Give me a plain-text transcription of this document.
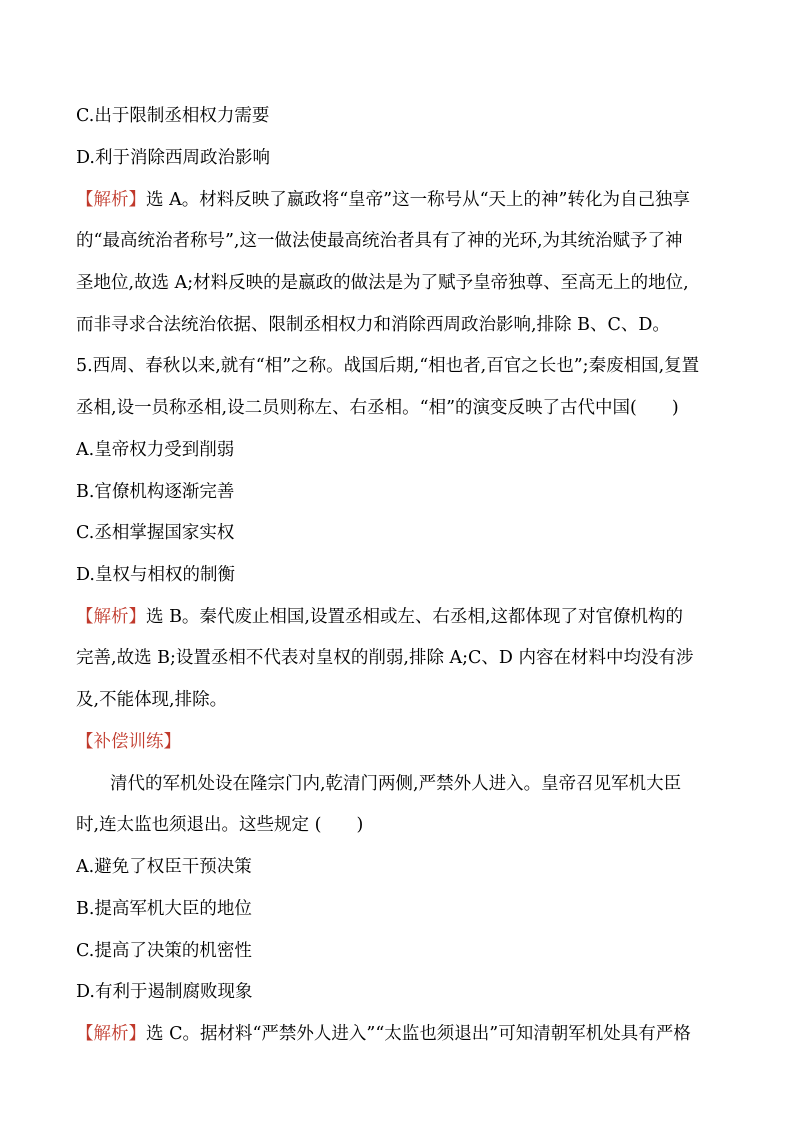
C.出于限制丞相权力需要
D.利于消除西周政治影响
【解析】选 A。材料反映了嬴政将“皇帝”这一称号从“天上的神”转化为自己独享
的“最高统治者称号”,这一做法使最高统治者具有了神的光环,为其统治赋予了神
圣地位,故选 A;材料反映的是嬴政的做法是为了赋予皇帝独尊、至高无上的地位,
而非寻求合法统治依据、限制丞相权力和消除西周政治影响,排除 B、C、D。
5.西周、春秋以来,就有“相”之称。战国后期,“相也者,百官之长也”;秦废相国,复置
丞相,设一员称丞相,设二员则称左、右丞相。“相”的演变反映了古代中国(　　)
A.皇帝权力受到削弱
B.官僚机构逐渐完善
C.丞相掌握国家实权
D.皇权与相权的制衡
【解析】选 B。秦代废止相国,设置丞相或左、右丞相,这都体现了对官僚机构的
完善,故选 B;设置丞相不代表对皇权的削弱,排除 A;C、D 内容在材料中均没有涉
及,不能体现,排除。
【补偿训练】
清代的军机处设在隆宗门内,乾清门两侧,严禁外人进入。皇帝召见军机大臣
时,连太监也须退出。这些规定 (　　)
A.避免了权臣干预决策
B.提高军机大臣的地位
C.提高了决策的机密性
D.有利于遏制腐败现象
【解析】选 C。据材料“严禁外人进入”“太监也须退出”可知清朝军机处具有严格
